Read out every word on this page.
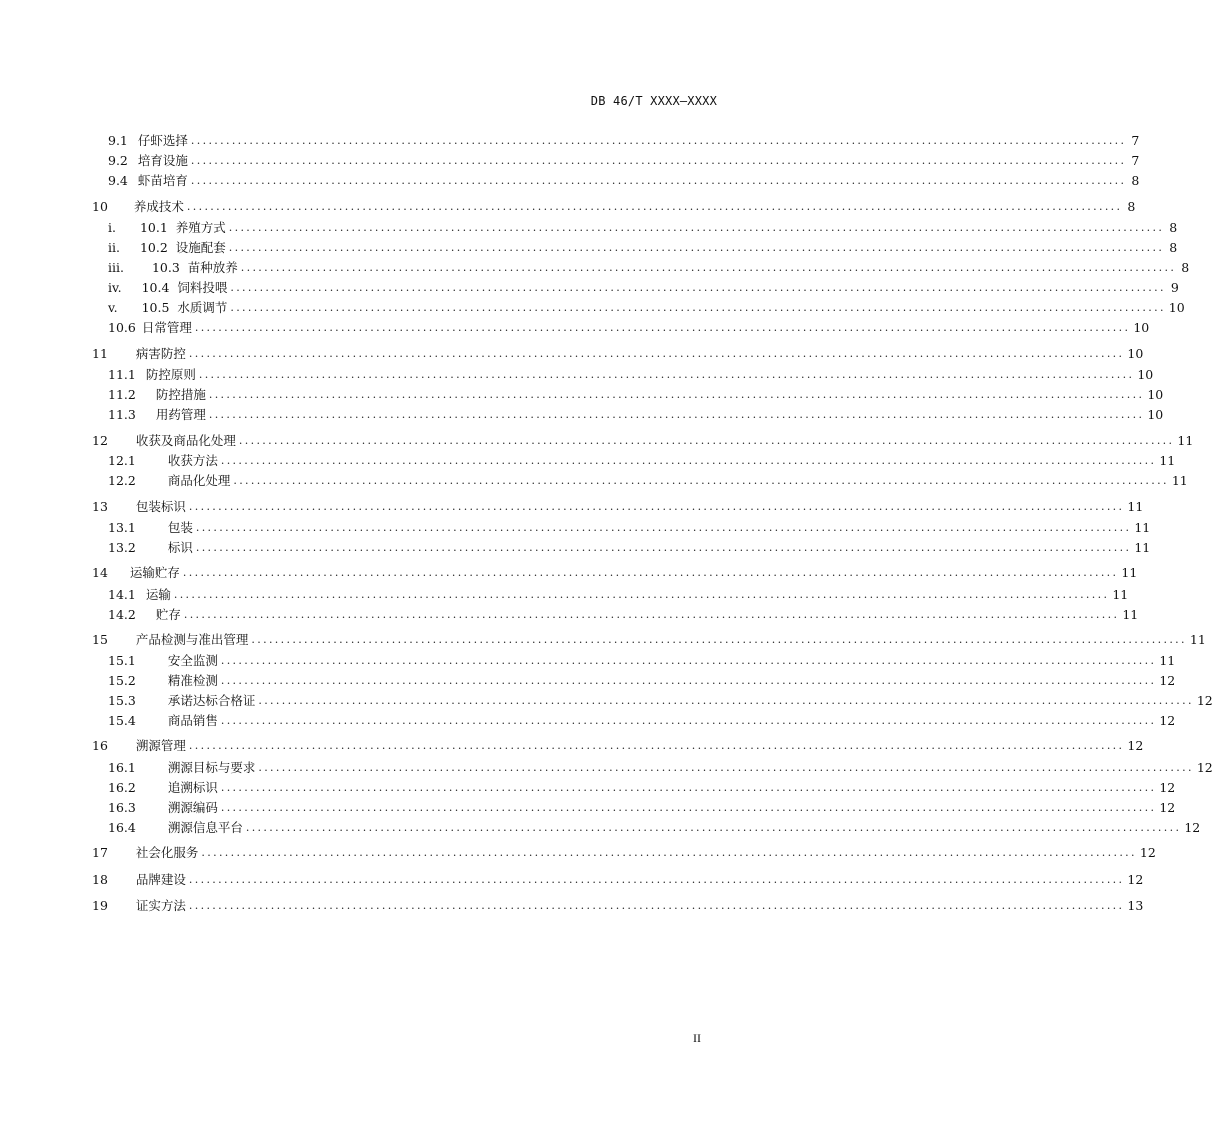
DB 46/T XXXX—XXXX
9.1 仔虾选择 ................................................................................................................................................................ 7
9.2 培育设施 ................................................................................................................................................................ 7
9.4 虾苗培育 ................................................................................................................................................................ 8
10	养成技术 ................................................................................................................................................................ 8
i.	10.1  养殖方式 ................................................................................................................................................................ 8
ii.	10.2  设施配套 ................................................................................................................................................................ 8
iii.	10.3  苗种放养 ................................................................................................................................................................ 8
iv.	10.4  饲料投喂 ................................................................................................................................................................ 9
v.	10.5  水质调节 ................................................................................................................................................................ 10
10.6 日常管理 ................................................................................................................................................................ 10
11	病害防控 ................................................................................................................................................................ 10
11.1 防控原则 ................................................................................................................................................................ 10
11.2	防控措施 ................................................................................................................................................................ 10
11.3	用药管理 ................................................................................................................................................................ 10
12	收获及商品化处理 ................................................................................................................................................................ 11
12.1	收获方法 ................................................................................................................................................................ 11
12.2	商品化处理 ................................................................................................................................................................ 11
13	包装标识 ................................................................................................................................................................ 11
13.1	包装 ................................................................................................................................................................ 11
13.2	标识 ................................................................................................................................................................ 11
14	运输贮存 ................................................................................................................................................................ 11
14.1 运输 ................................................................................................................................................................ 11
14.2	贮存 ................................................................................................................................................................ 11
15	产品检测与准出管理 ................................................................................................................................................................ 11
15.1	安全监测 ................................................................................................................................................................ 11
15.2	精准检测 ................................................................................................................................................................ 12
15.3	承诺达标合格证 ................................................................................................................................................................ 12
15.4	商品销售 ................................................................................................................................................................ 12
16	溯源管理 ................................................................................................................................................................ 12
16.1	溯源目标与要求 ................................................................................................................................................................ 12
16.2	追溯标识 ................................................................................................................................................................ 12
16.3	溯源编码 ................................................................................................................................................................ 12
16.4	溯源信息平台 ................................................................................................................................................................ 12
17	社会化服务 ................................................................................................................................................................ 12
18	品牌建设 ................................................................................................................................................................ 12
19	证实方法 ................................................................................................................................................................ 13
II
